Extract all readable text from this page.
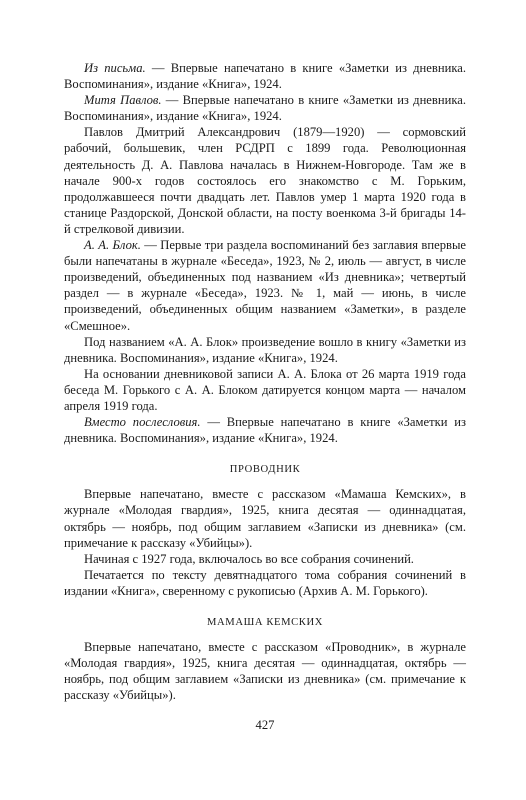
Из письма. — Впервые напечатано в книге «Заметки из дневника. Воспоминания», издание «Книга», 1924.

Митя Павлов. — Впервые напечатано в книге «Заметки из дневника. Воспоминания», издание «Книга», 1924.

Павлов Дмитрий Александрович (1879—1920) — сормовский рабочий, большевик, член РСДРП с 1899 года. Революционная деятельность Д. А. Павлова началась в Нижнем-Новгороде. Там же в начале 900-х годов состоялось его знакомство с М. Горьким, продолжавшееся почти двадцать лет. Павлов умер 1 марта 1920 года в станице Раздорской, Донской области, на посту военкома 3-й бригады 14-й стрелковой дивизии.

А. А. Блок. — Первые три раздела воспоминаний без заглавия впервые были напечатаны в журнале «Беседа», 1923, № 2, июль — август, в числе произведений, объединенных под названием «Из дневника»; четвертый раздел — в журнале «Беседа», 1923. № 1, май — июнь, в числе произведений, объединенных общим названием «Заметки», в разделе «Смешное».

Под названием «А. А. Блок» произведение вошло в книгу «Заметки из дневника. Воспоминания», издание «Книга», 1924.

На основании дневниковой записи А. А. Блока от 26 марта 1919 года беседа М. Горького с А. А. Блоком датируется концом марта — началом апреля 1919 года.

Вместо послесловия. — Впервые напечатано в книге «Заметки из дневника. Воспоминания», издание «Книга», 1924.

ПРОВОДНИК

Впервые напечатано, вместе с рассказом «Мамаша Кемских», в журнале «Молодая гвардия», 1925, книга десятая — одиннадцатая, октябрь — ноябрь, под общим заглавием «Записки из дневника» (см. примечание к рассказу «Убийцы»).

Начиная с 1927 года, включалось во все собрания сочинений.

Печатается по тексту девятнадцатого тома собрания сочинений в издании «Книга», сверенному с рукописью (Архив А. М. Горького).

МАМАША КЕМСКИХ

Впервые напечатано, вместе с рассказом «Проводник», в журнале «Молодая гвардия», 1925, книга десятая — одиннадцатая, октябрь — ноябрь, под общим заглавием «Записки из дневника» (см. примечание к рассказу «Убийцы»).

427
